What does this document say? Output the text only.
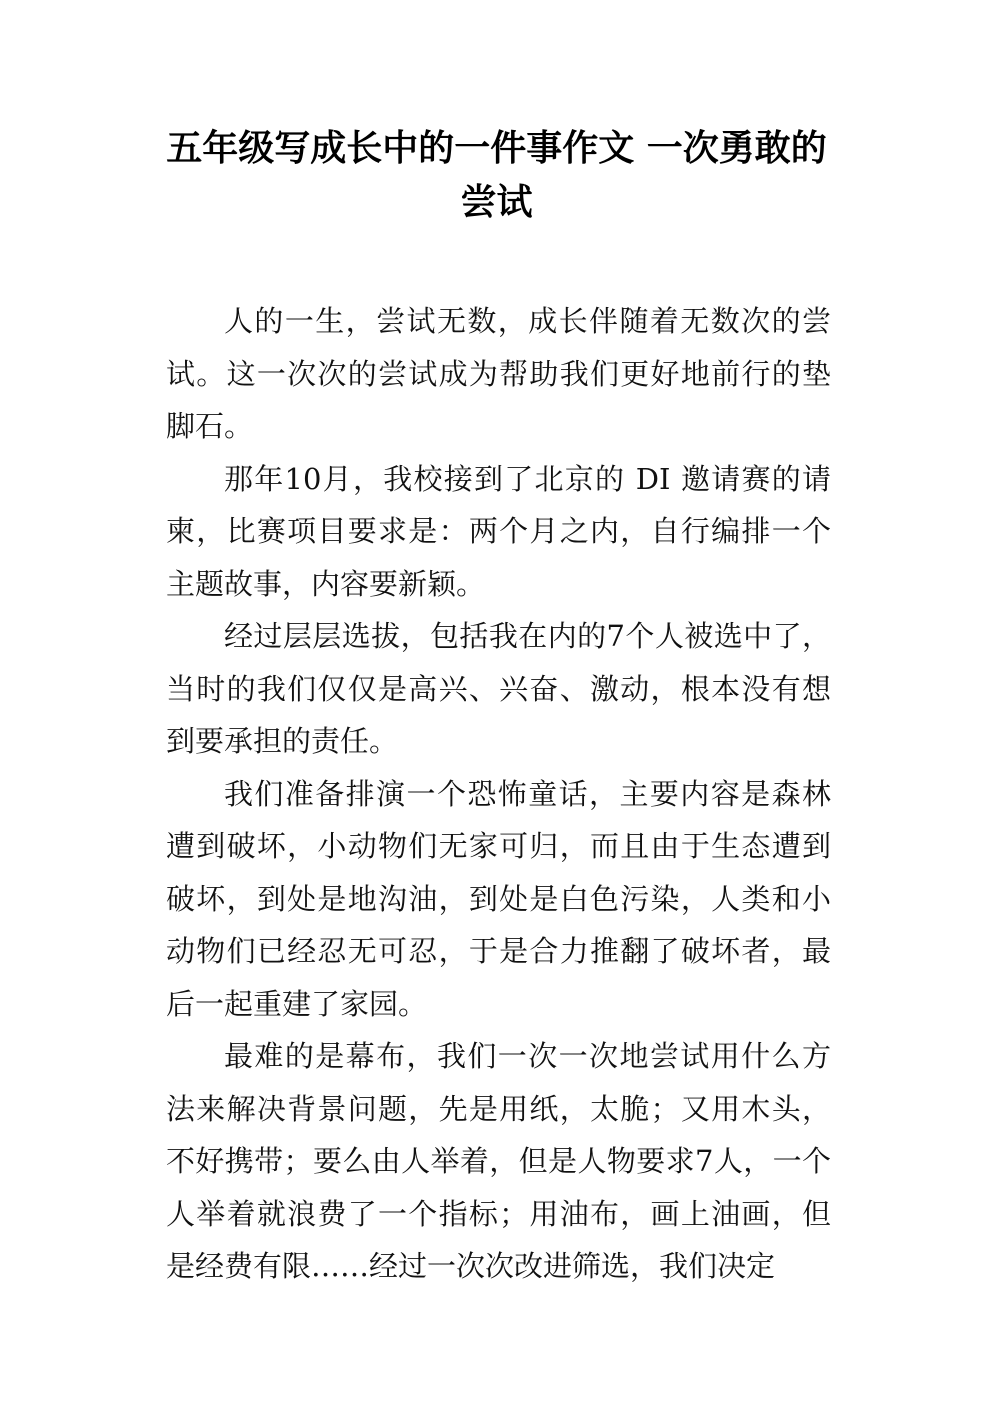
五年级写成长中的一件事作文 一次勇敢的尝试

人的一生，尝试无数，成长伴随着无数次的尝试。这一次次的尝试成为帮助我们更好地前行的垫脚石。

那年10月，我校接到了北京的 DI 邀请赛的请柬，比赛项目要求是：两个月之内，自行编排一个主题故事，内容要新颖。

经过层层选拔，包括我在内的7个人被选中了，当时的我们仅仅是高兴、兴奋、激动，根本没有想到要承担的责任。

我们准备排演一个恐怖童话，主要内容是森林遭到破坏，小动物们无家可归，而且由于生态遭到破坏，到处是地沟油，到处是白色污染，人类和小动物们已经忍无可忍，于是合力推翻了破坏者，最后一起重建了家园。

最难的是幕布，我们一次一次地尝试用什么方法来解决背景问题，先是用纸，太脆；又用木头，不好携带；要么由人举着，但是人物要求7人，一个人举着就浪费了一个指标；用油布，画上油画，但是经费有限……经过一次次改进筛选，我们决定
